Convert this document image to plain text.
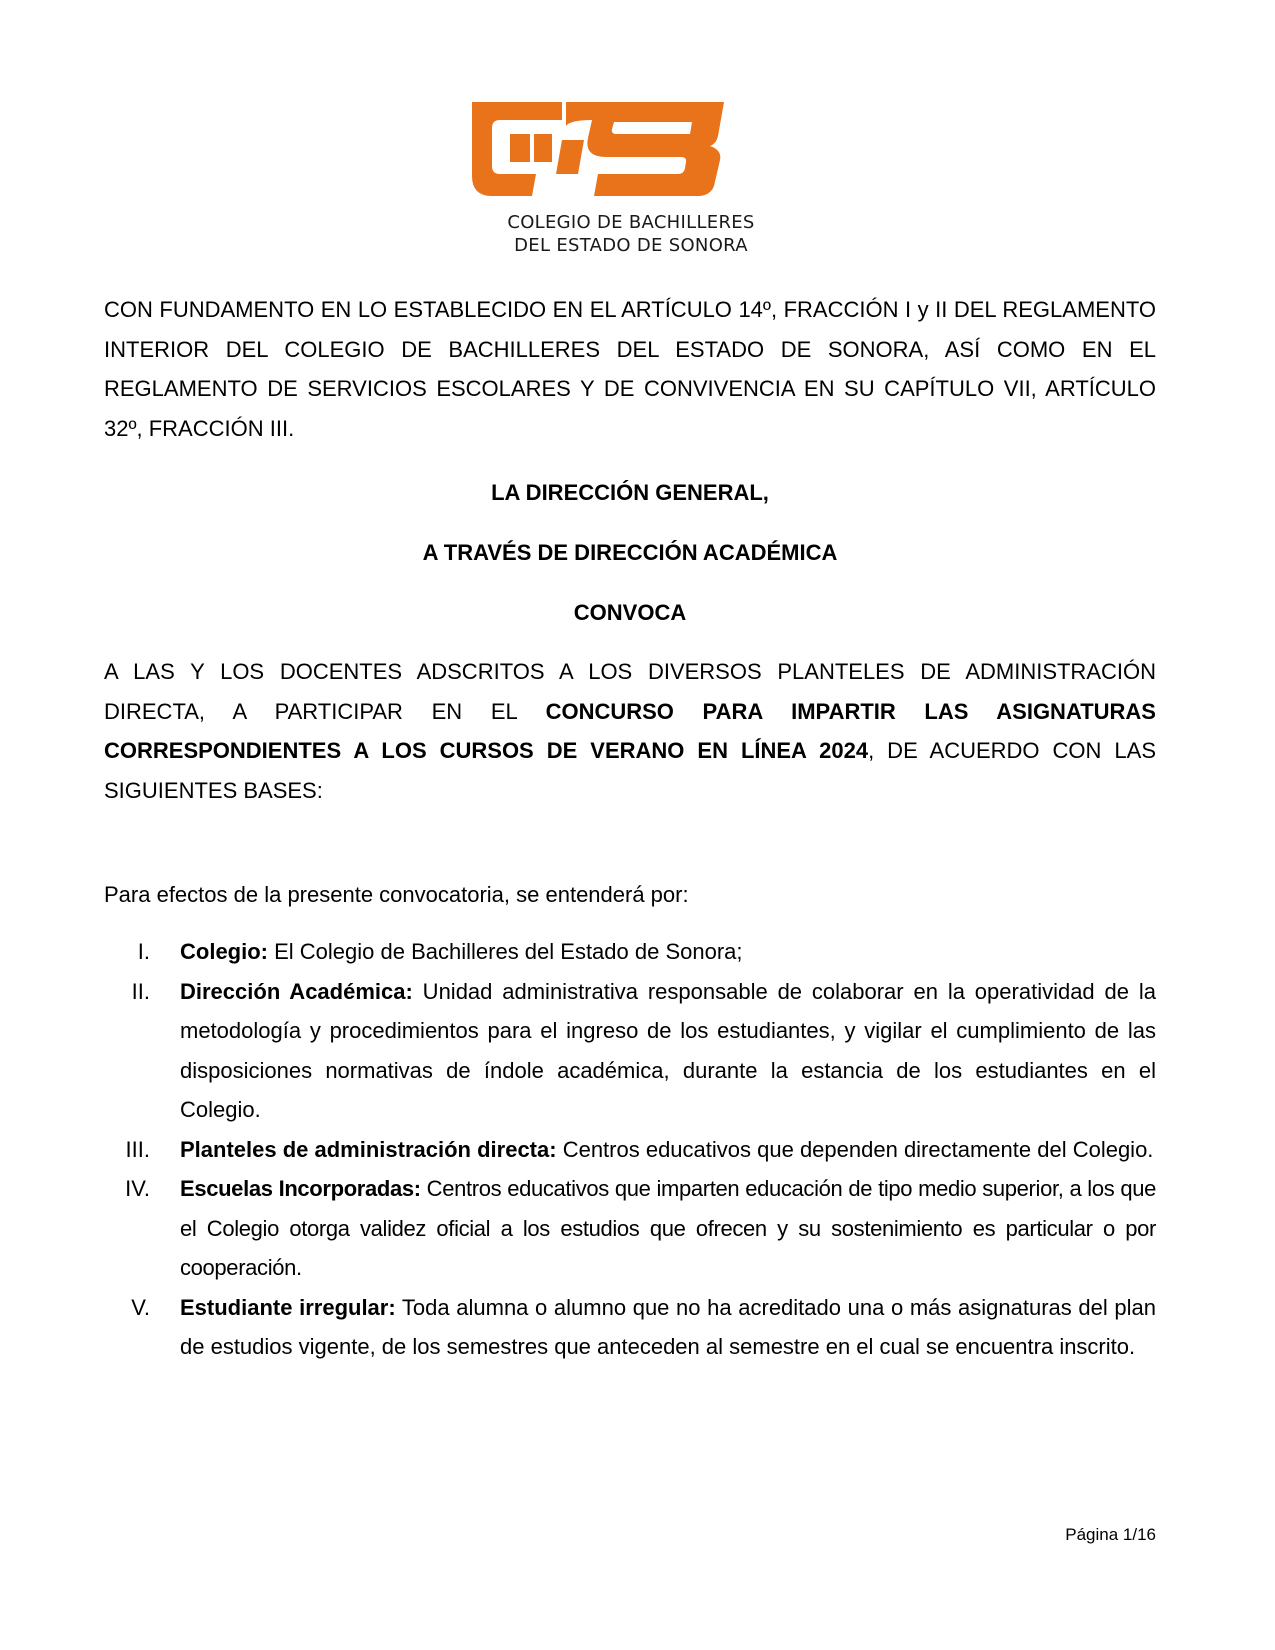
COLEGIO DE BACHILLERES
DEL ESTADO DE SONORA
CON FUNDAMENTO EN LO ESTABLECIDO EN EL ARTÍCULO 14º, FRACCIÓN I y II DEL REGLAMENTO INTERIOR DEL COLEGIO DE BACHILLERES DEL ESTADO DE SONORA, ASÍ COMO EN EL REGLAMENTO DE SERVICIOS ESCOLARES Y DE CONVIVENCIA EN SU CAPÍTULO VII, ARTÍCULO 32º, FRACCIÓN III.
LA DIRECCIÓN GENERAL,
A TRAVÉS DE DIRECCIÓN ACADÉMICA
CONVOCA
A LAS Y LOS DOCENTES ADSCRITOS A LOS DIVERSOS PLANTELES DE ADMINISTRACIÓN DIRECTA, A PARTICIPAR EN EL CONCURSO PARA IMPARTIR LAS ASIGNATURAS CORRESPONDIENTES A LOS CURSOS DE VERANO EN LÍNEA 2024, DE ACUERDO CON LAS SIGUIENTES BASES:
Para efectos de la presente convocatoria, se entenderá por:
I. Colegio: El Colegio de Bachilleres del Estado de Sonora;
II. Dirección Académica: Unidad administrativa responsable de colaborar en la operatividad de la metodología y procedimientos para el ingreso de los estudiantes, y vigilar el cumplimiento de las disposiciones normativas de índole académica, durante la estancia de los estudiantes en el Colegio.
III. Planteles de administración directa: Centros educativos que dependen directamente del Colegio.
IV. Escuelas Incorporadas: Centros educativos que imparten educación de tipo medio superior, a los que el Colegio otorga validez oficial a los estudios que ofrecen y su sostenimiento es particular o por cooperación.
V. Estudiante irregular: Toda alumna o alumno que no ha acreditado una o más asignaturas del plan de estudios vigente, de los semestres que anteceden al semestre en el cual se encuentra inscrito.
Página 1/16
